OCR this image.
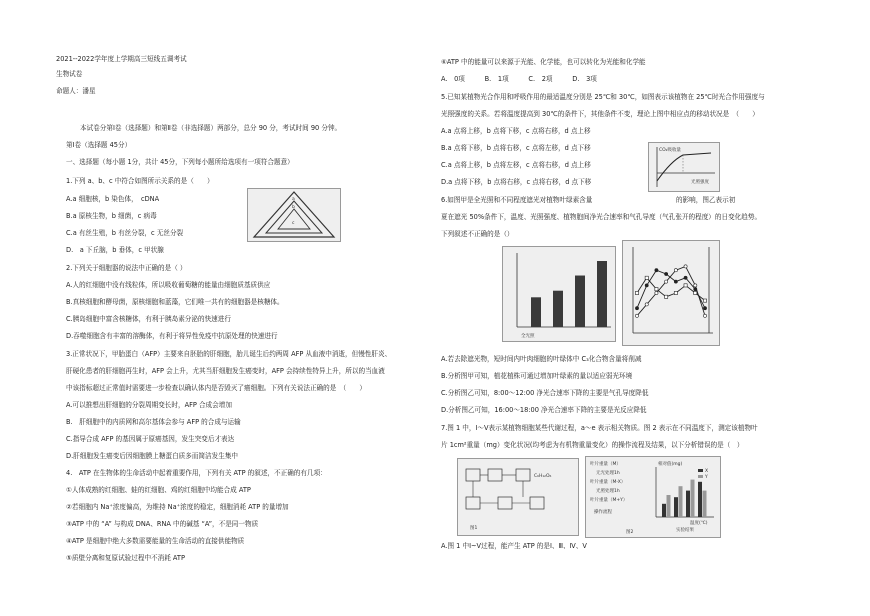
2021--2022学年度上学期高三短线五调考试
生物试卷
命题人：潘星
本试卷分第Ⅰ卷（选择题）和第Ⅱ卷（非选择题）两部分，总分 90 分，考试时间 90 分钟。
第Ⅰ卷（选择题 45分）
一、选择题（每小题 1分，共计 45分，下列每小题所给选项有一项符合题意）
1.下列 a、b、c 中符合如图所示关系的是（　　）
A.a 细胞核，b 染色体，　cDNA
B.a 原核生物，b 细菌，c 病毒
C.a 有丝生殖，b 有丝分裂，c 无丝分裂
D.　a 下丘脑，b 垂体，c 甲状腺
a
b
c
2.下列关于细胞器的说法中正确的是（ ）
A.人的红细胞中没有线粒体，所以吸收葡萄糖的能量由细胞质基质供应
B.真核细胞和酵母菌，原核细胞和蓝藻，它们唯一共有的细胞器是核糖体。
C.胰岛细胞中富含核糖体，有利于胰岛素分泌的快速进行
D.吞噬细胞含有丰富的溶酶体，有利于将异性免疫中抗原处理的快速进行
3.正常状况下，甲胎蛋白（AFP）主要来自胚胎的肝细胞，胎儿诞生后约两周 AFP 从血液中消逝，但慢性肝炎、
肝硬化患者的肝细胞再生时，AFP 会上升，尤其当肝细胞发生癌变时，AFP 会持续性特异上升，所以的当血液
中该指标超过正常值时需要进一步检查以确认体内是否毁灭了癌细胞。下列有关说法正确的是　（　　）
A.可以推想出肝细胞的分裂周期变长时，AFP 合成会增加
B.　肝细胞中的内质网和高尔基体会参与 AFP 的合成与运输
C.指导合成 AFP 的基因属于原癌基因，发生突变后才表达
D.肝细胞发生癌变后因细胞膜上糖蛋白质多而简洁发生集中
4.　ATP 在生物体的生命活动中起着重要作用，下列有关 ATP 的叙述，不正确的有几项：
①人体成熟的红细胞、蛙的红细胞、鸡的红细胞中均能合成 ATP
②若细胞内 Na⁺浓度偏高，为维持 Na⁺浓度的稳定，细胞消耗 ATP 的量增加
③ATP 中的 “A” 与构成 DNA、RNA 中的碱基 “A”，不是同一物质
④ATP 是细胞中绝大多数需要能量的生命活动的直接供能物质
⑤质壁分离和复原试验过程中不消耗 ATP
⑥ATP 中的能量可以来源于光能、化学能，也可以转化为光能和化学能
A.　0项　　　B.　1项　　　C.　2项　　　D.　3项
5.已知某植物光合作用和呼吸作用的最适温度分别是 25℃和 30℃，如图表示该植物在 25℃时光合作用强度与
光照强度的关系。若将温度提高到 30℃的条件下，其他条件不变，理论上图中相应点的移动状况是　（　　）
A.a 点将上移，b 点将下移，c 点将右移，d 点上移
B.a 点将下移，b 点将右移，c 点将左移，d 点下移
C.a 点将上移，b 点将左移，c 点将右移，d 点上移
D.a 点将下移，b 点将右移，c 点将右移，d 点下移
CO₂吸收量
光照强度
6.如图甲是全光照和不同程度遮光对植物叶绿素含量	的影响，图乙表示初
夏在遮光 50%条件下，温度、光照强度、植物胞间净光合速率和气孔导度（气孔张开的程度）的日变化趋势。
下列叙述不正确的是（）
全光照
A.若去除遮光物，短时间内叶肉细胞的叶绿体中 C₃化合物含量将削减
B.分析图甲可知，植花植株可通过增加叶绿素的量以适应弱光环境
C.分析图乙可知，8:00～12:00 净光合速率下降的主要是气孔导度降低
D.分析图乙可知，16:00～18:00 净光合速率下降的主要是光反应降低
7.图 1 中，Ⅰ～Ⅴ表示某植物细胞某些代谢过程，a～e 表示相关物质。图 2 表示在不同温度下，测定该植物叶
片 1cm²重量（mg）变化状况(均考虑为有机物重量变化）的操作流程及结果，以下分析错误的是（　）
C₆H₁₂O₆
图1
叶片重量（M）
无光处理1h
叶片重量（M-X）
光照处理1h
叶片重量（M+Y）
操作流程
相对值(mg)
温度(℃)
实验结果
X
Y
图2
A.图 1 中Ⅰ~Ⅴ过程，能产生 ATP 的是Ⅰ、Ⅲ、Ⅳ、Ⅴ
